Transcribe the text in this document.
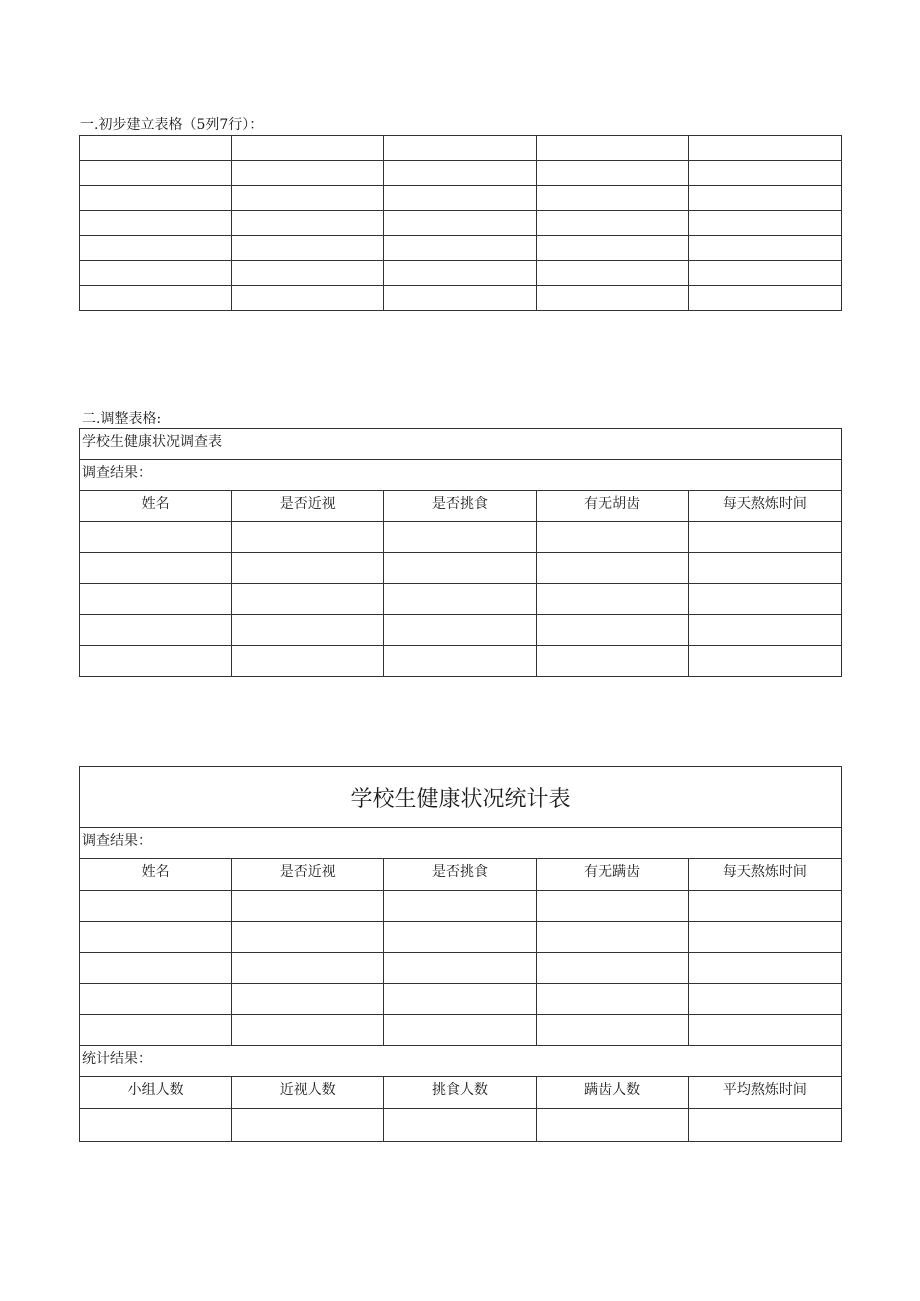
一.初步建立表格（5列7行）：

二.调整表格:
学校生健康状况调查表				
调查结果：				
姓名	是否近视	是否挑食	有无胡齿	每天熬炼时间

学校生健康状况统计表				
调查结果：				
姓名	是否近视	是否挑食	有无蹒齿	每天熬炼时间

统计结果：				
小组人数	近视人数	挑食人数	蹒齿人数	平均熬炼时间
